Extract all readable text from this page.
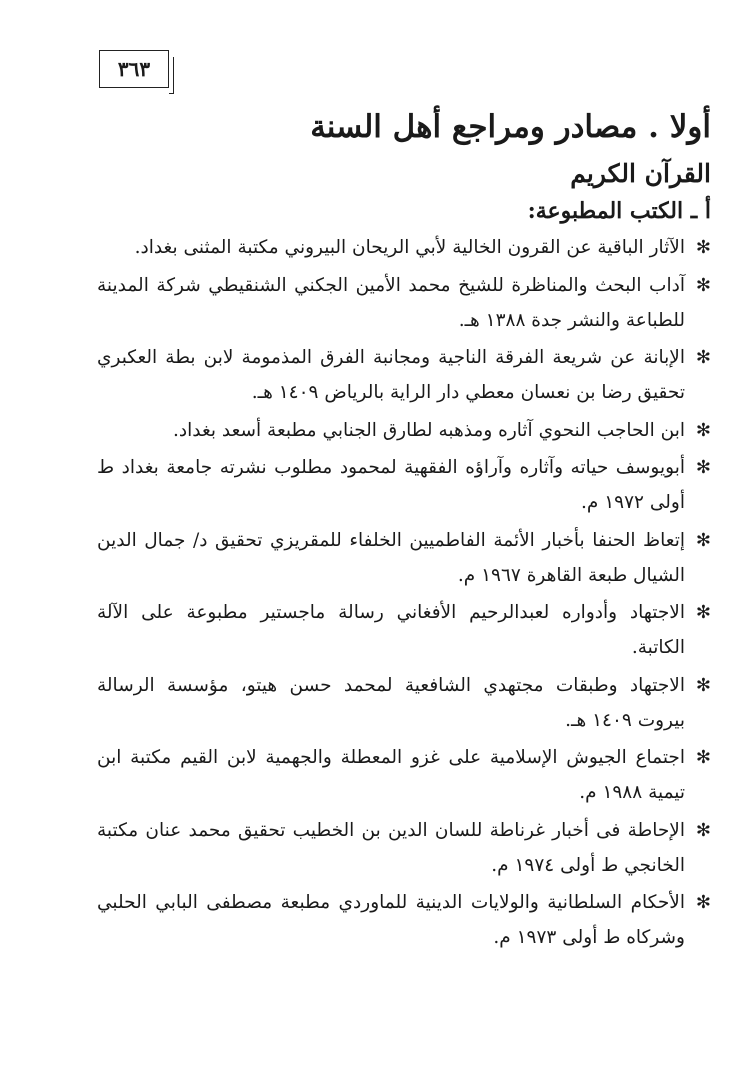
٣٦٣
أولا . مصادر ومراجع أهل السنة
القرآن الكريم
أ ـ الكتب المطبوعة:
✻
الآثار الباقية عن القرون الخالية لأبي الريحان البيروني مكتبة المثنى بغداد.
✻
آداب البحث والمناظرة للشيخ محمد الأمين الجكني الشنقيطي شركة المدينة للطباعة والنشر جدة ١٣٨٨ هـ.
✻
الإبانة عن شريعة الفرقة الناجية ومجانبة الفرق المذمومة لابن بطة العكبري تحقيق رضا بن نعسان معطي دار الراية بالرياض ١٤٠٩ هـ.
✻
ابن الحاجب النحوي آثاره ومذهبه لطارق الجنابي مطبعة أسعد بغداد.
✻
أبويوسف حياته وآثاره وآراؤه الفقهية لمحمود مطلوب نشرته جامعة بغداد ط أولى ١٩٧٢ م.
✻
إتعاظ الحنفا بأخبار الأئمة الفاطميين الخلفاء للمقريزي تحقيق د/ جمال الدين الشيال طبعة القاهرة ١٩٦٧ م.
✻
الاجتهاد وأدواره لعبدالرحيم الأفغاني رسالة ماجستير مطبوعة على الآلة الكاتبة.
✻
الاجتهاد وطبقات مجتهدي الشافعية لمحمد حسن هيتو، مؤسسة الرسالة بيروت ١٤٠٩ هـ.
✻
اجتماع الجيوش الإسلامية على غزو المعطلة والجهمية لابن القيم مكتبة ابن تيمية ١٩٨٨ م.
✻
الإحاطة فى أخبار غرناطة للسان الدين بن الخطيب تحقيق محمد عنان مكتبة الخانجي ط أولى ١٩٧٤ م.
✻
الأحكام السلطانية والولايات الدينية للماوردي مطبعة مصطفى البابي الحلبي وشركاه ط أولى ١٩٧٣ م.
